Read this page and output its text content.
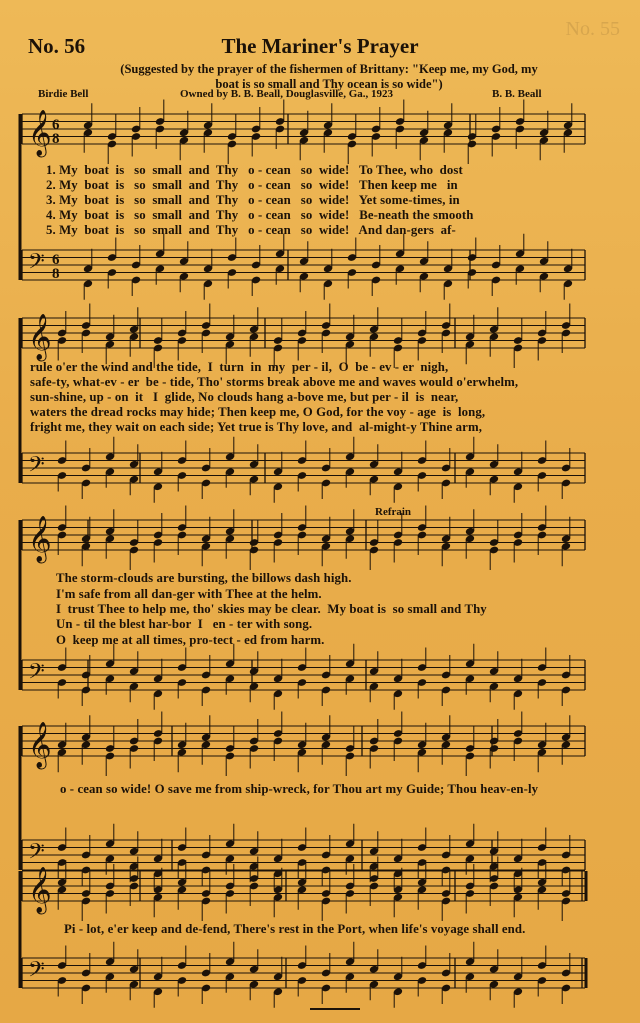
No. 55
No. 56	The Mariner's Prayer
(Suggested by the prayer of the fishermen of Brittany: "Keep me, my God, my
boat is so small and Thy ocean is so wide")
Birdie Bell	Owned by B. B. Beall, Douglasville, Ga., 1923	B. B. Beall
𝄞
𝄢
𝄞
𝄢
𝄞
𝄢
𝄞
𝄢
𝄞
𝄢
6
8
6
8
Refrain
1. My  boat  is   so  small  and  Thy   o - cean   so  wide!   To Thee, who  dost
2. My  boat  is   so  small  and  Thy   o - cean   so  wide!   Then keep me   in
3. My  boat  is   so  small  and  Thy   o - cean   so  wide!   Yet some-times, in
4. My  boat  is   so  small  and  Thy   o - cean   so  wide!   Be-neath the smooth
5. My  boat  is   so  small  and  Thy   o - cean   so  wide!   And dan-gers  af-
rule o'er the wind and the tide,  I  turn  in  my  per - il,  O  be - ev - er  nigh,
safe-ty, what-ev - er  be - tide, Tho' storms break above me and waves would o'erwhelm,
sun-shine, up - on  it   I  glide, No clouds hang a-bove me, but per - il  is  near,
waters the dread rocks may hide; Then keep me, O God, for the voy - age  is  long,
fright me, they wait on each side; Yet true is Thy love, and  al-might-y Thine arm,
The storm-clouds are bursting, the billows dash high.
I'm safe from all dan-ger with Thee at the helm.
I  trust Thee to help me, tho' skies may be clear.  My boat is  so small and Thy
Un - til the blest har-bor  I   en - ter with song.
O  keep me at all times, pro-tect - ed from harm.
o - cean so wide! O save me from ship-wreck, for Thou art my Guide; Thou heav-en-ly
Pi - lot, e'er keep and de-fend, There's rest in the Port, when life's voyage shall end.
